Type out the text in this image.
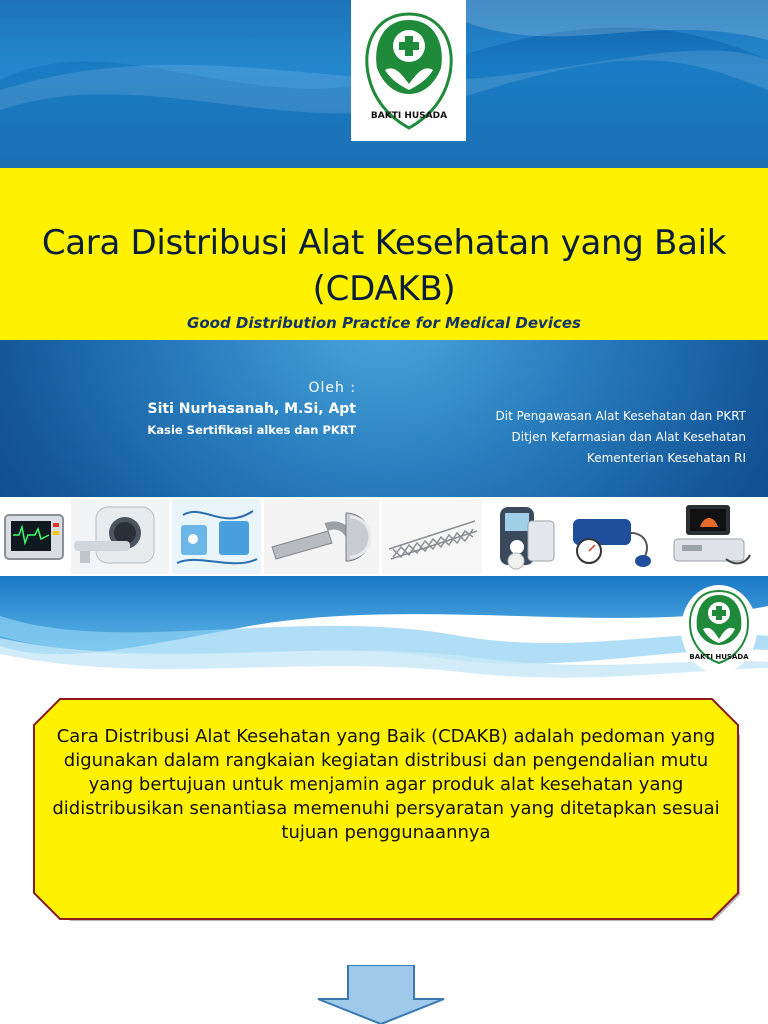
BAKTI HUSADA
Cara Distribusi Alat Kesehatan yang Baik
(CDAKB)
Good Distribution Practice for Medical Devices
Oleh :
Siti Nurhasanah, M.Si, Apt
Kasie Sertifikasi alkes dan PKRT
Dit Pengawasan Alat Kesehatan dan PKRT
Ditjen Kefarmasian dan Alat Kesehatan
Kementerian Kesehatan RI
BAKTI HUSADA
Cara Distribusi Alat Kesehatan yang Baik (CDAKB) adalah pedoman yang digunakan dalam rangkaian kegiatan distribusi dan pengendalian mutu yang bertujuan untuk menjamin agar produk alat kesehatan yang didistribusikan senantiasa memenuhi persyaratan yang ditetapkan sesuai tujuan penggunaannya
